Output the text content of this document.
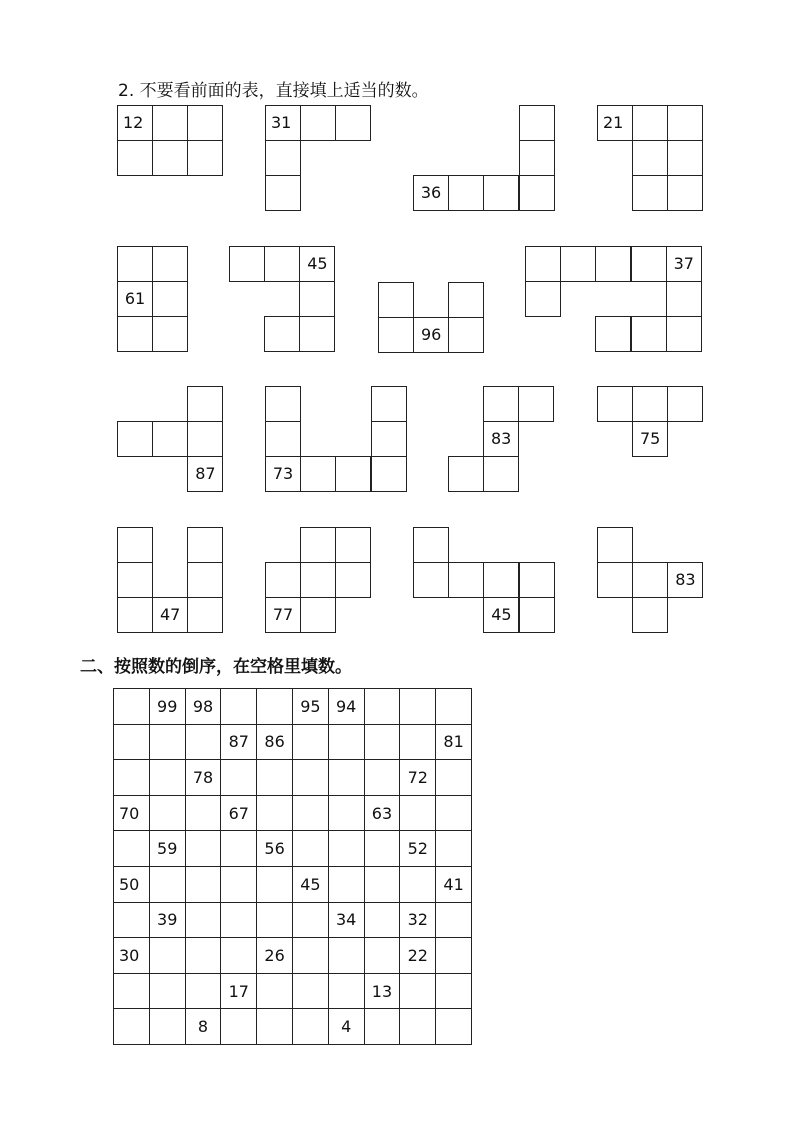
2. 不要看前面的表，直接填上适当的数。
12	31
36
21
61
45
96
37
87	73
83	75
47	77	45
83
二、按照数的倒序，在空格里填数。
	99	98			95	94			
			87	86					81
		78						72	
70			67				63		
	59			56				52	
50					45				41
	39					34		32	
30				26				22	
			17				13		
		8				4			
